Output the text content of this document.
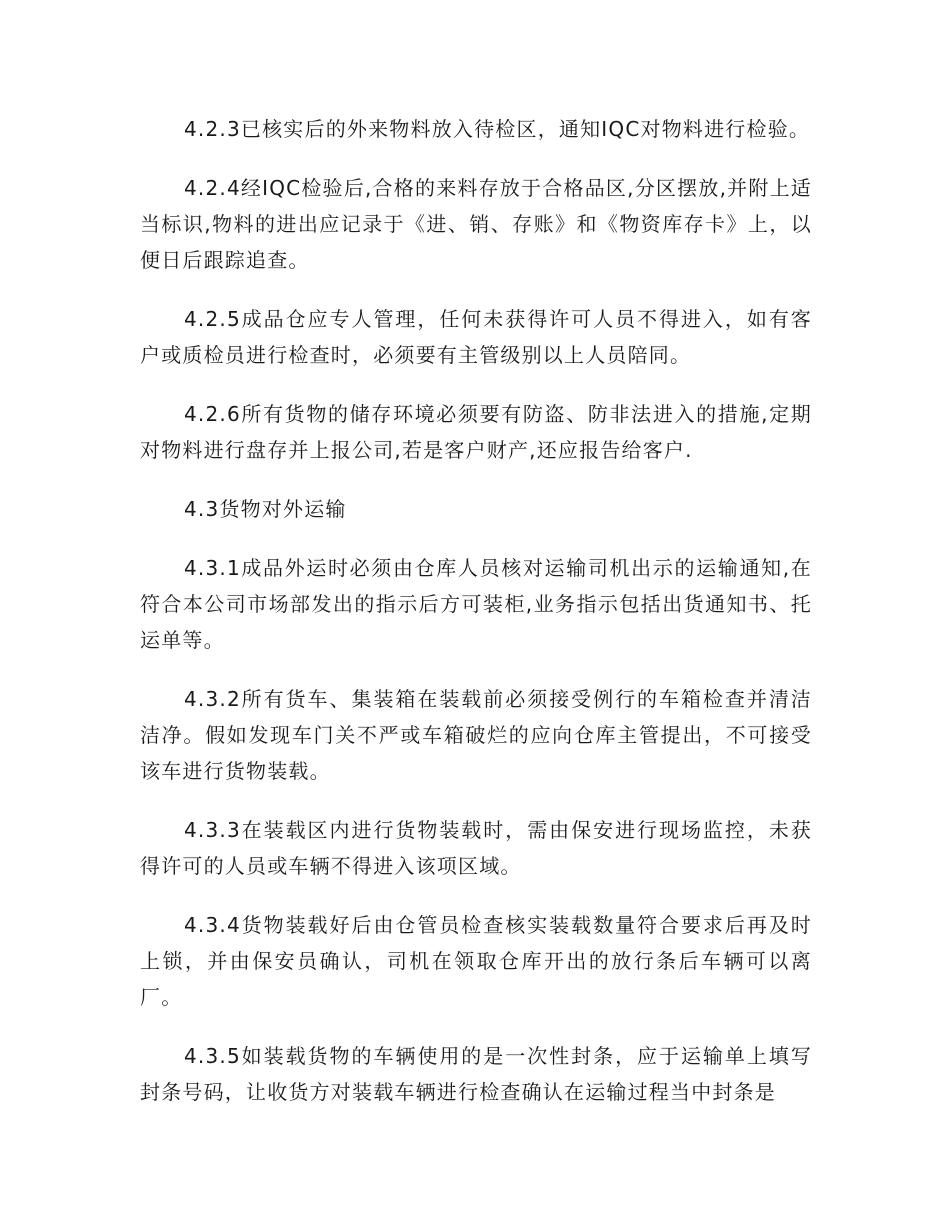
4.2.3已核实后的外来物料放入待检区，通知IQC对物料进行检验。

4.2.4经IQC检验后,合格的来料存放于合格品区,分区摆放,并附上适当标识,物料的进出应记录于《进、销、存账》和《物资库存卡》上，以便日后跟踪追查。

4.2.5成品仓应专人管理，任何未获得许可人员不得进入，如有客户或质检员进行检查时，必须要有主管级别以上人员陪同。

4.2.6所有货物的储存环境必须要有防盗、防非法进入的措施,定期对物料进行盘存并上报公司,若是客户财产,还应报告给客户.

4.3货物对外运输

4.3.1成品外运时必须由仓库人员核对运输司机出示的运输通知,在符合本公司市场部发出的指示后方可装柜,业务指示包括出货通知书、托运单等。

4.3.2所有货车、集装箱在装载前必须接受例行的车箱检查并清洁洁净。假如发现车门关不严或车箱破烂的应向仓库主管提出，不可接受该车进行货物装载。

4.3.3在装载区内进行货物装载时，需由保安进行现场监控，未获得许可的人员或车辆不得进入该项区域。

4.3.4货物装载好后由仓管员检查核实装载数量符合要求后再及时上锁，并由保安员确认，司机在领取仓库开出的放行条后车辆可以离厂。

4.3.5如装载货物的车辆使用的是一次性封条，应于运输单上填写封条号码，让收货方对装载车辆进行检查确认在运输过程当中封条是
